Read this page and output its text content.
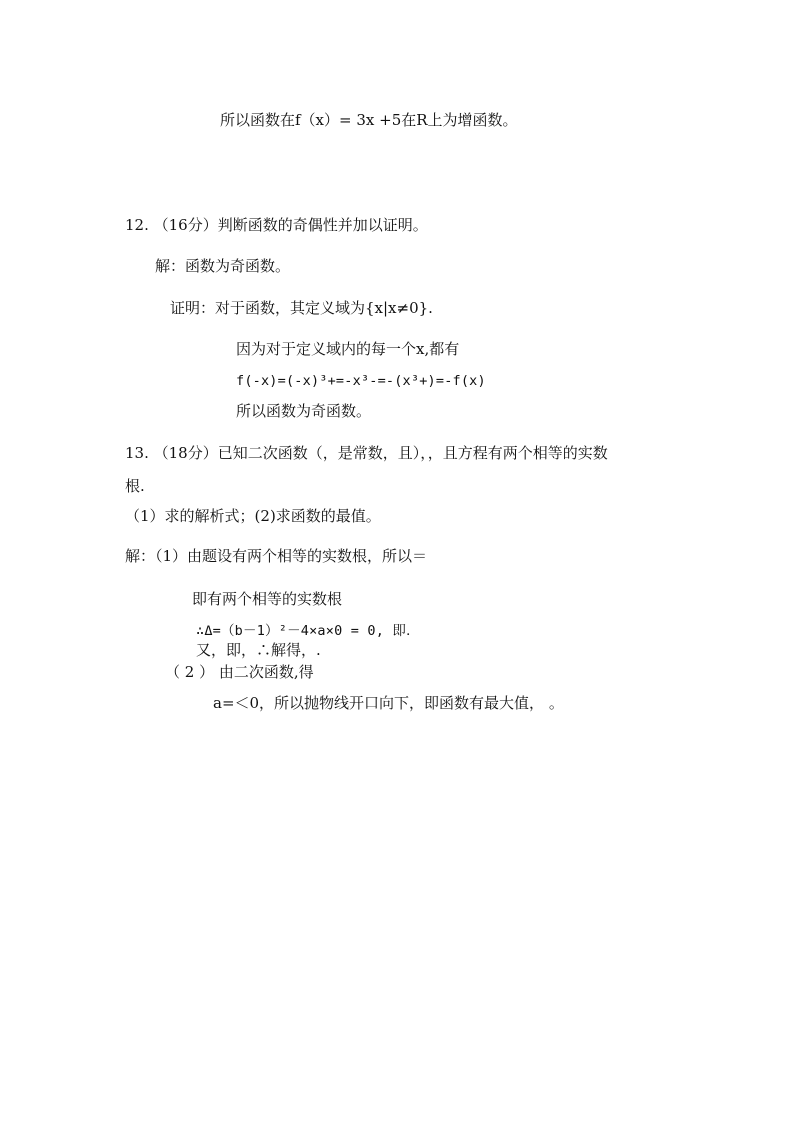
所以函数在f（x）= 3x +5在R上为增函数。
12. （16分）判断函数的奇偶性并加以证明。
解：函数为奇函数。
证明：对于函数，其定义域为{x|x≠0}.
因为对于定义域内的每一个x,都有
f(-x)=(-x)³+=-x³-=-(x³+)=-f(x)
所以函数为奇函数。
13. （18分）已知二次函数（，是常数，且），，且方程有两个相等的实数
根.
（1）求的解析式；(2)求函数的最值。
解：（1）由题设有两个相等的实数根，所以＝
即有两个相等的实数根
∴Δ=（b－1）²－4×a×0 = 0, 即．
又，即，∴解得，.
（ 2 ） 由二次函数,得
a=＜0，所以抛物线开口向下，即函数有最大值， 。
